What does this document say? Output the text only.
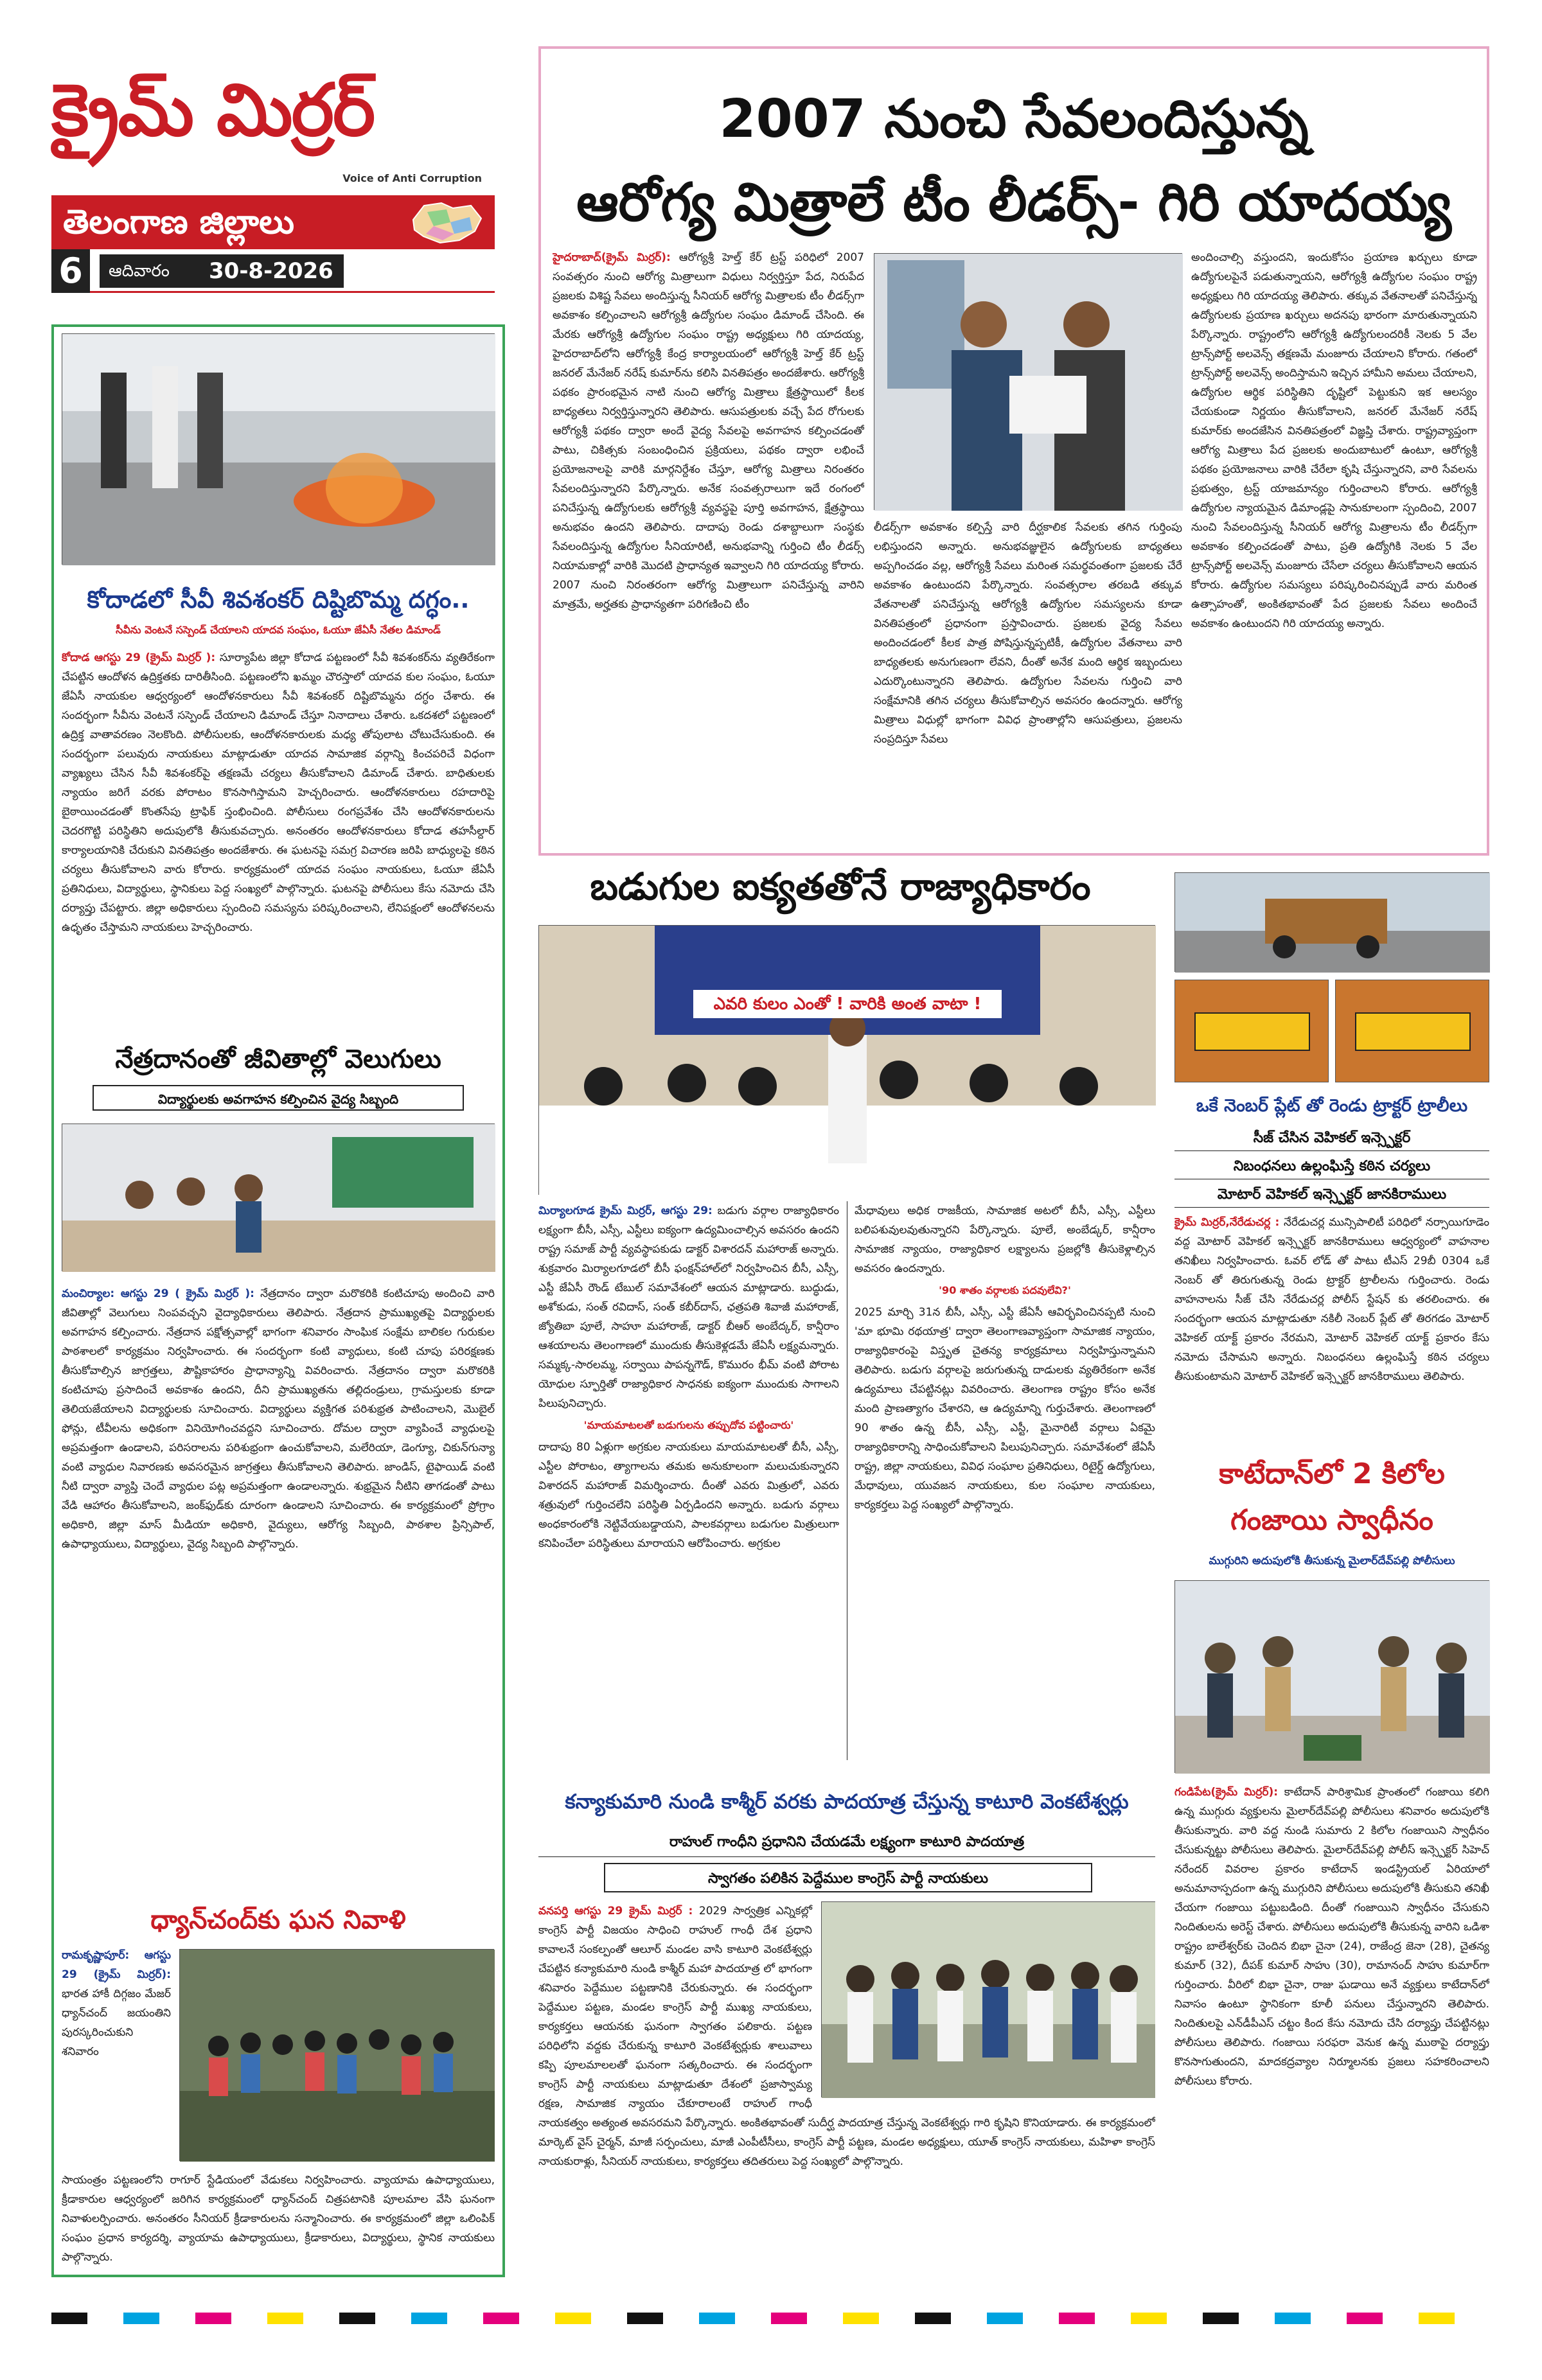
క్రైమ్ మిర్రర్
Voice of Anti Corruption
తెలంగాణ జిల్లాలు
6	ఆదివారం	30-8-2026
2007 నుంచి సేవలందిస్తున్న
ఆరోగ్య మిత్రాలే టీం లీడర్స్- గిరి యాదయ్య
హైదరాబాద్(క్రైమ్ మిర్రర్): ఆరోగ్యశ్రీ హెల్త్ కేర్ ట్రస్ట్ పరిధిలో 2007 సంవత్సరం నుంచి ఆరోగ్య మిత్రాలుగా విధులు నిర్వర్తిస్తూ పేద, నిరుపేద ప్రజలకు విశిష్ట సేవలు అందిస్తున్న సీనియర్ ఆరోగ్య మిత్రాలకు టీం లీడర్స్‌గా అవకాశం కల్పించాలని ఆరోగ్యశ్రీ ఉద్యోగుల సంఘం డిమాండ్ చేసింది. ఈ మేరకు ఆరోగ్యశ్రీ ఉద్యోగుల సంఘం రాష్ట్ర అధ్యక్షులు గిరి యాదయ్య, హైదరాబాద్‌లోని ఆరోగ్యశ్రీ కేంద్ర కార్యాలయంలో ఆరోగ్యశ్రీ హెల్త్ కేర్ ట్రస్ట్ జనరల్ మేనేజర్ నరేష్ కుమార్‌ను కలిసి వినతిపత్రం అందజేశారు. ఆరోగ్యశ్రీ పథకం ప్రారంభమైన నాటి నుంచి ఆరోగ్య మిత్రాలు క్షేత్రస్థాయిలో కీలక బాధ్యతలు నిర్వర్తిస్తున్నారని తెలిపారు. ఆసుపత్రులకు వచ్చే పేద రోగులకు ఆరోగ్యశ్రీ పథకం ద్వారా అందే వైద్య సేవలపై అవగాహన కల్పించడంతో పాటు, చికిత్సకు సంబంధించిన ప్రక్రియలు, పథకం ద్వారా లభించే ప్రయోజనాలపై వారికి మార్గనిర్దేశం చేస్తూ, ఆరోగ్య మిత్రాలు నిరంతరం సేవలందిస్తున్నారని పేర్కొన్నారు. అనేక సంవత్సరాలుగా ఇదే రంగంలో పనిచేస్తున్న ఉద్యోగులకు ఆరోగ్యశ్రీ వ్యవస్థపై పూర్తి అవగాహన, క్షేత్రస్థాయి అనుభవం ఉందని తెలిపారు. దాదాపు రెండు దశాబ్దాలుగా సంస్థకు సేవలందిస్తున్న ఉద్యోగుల సీనియారిటీ, అనుభవాన్ని గుర్తించి టీం లీడర్స్ నియామకాల్లో వారికి మొదటి ప్రాధాన్యత ఇవ్వాలని గిరి యాదయ్య కోరారు. 2007 నుంచి నిరంతరంగా ఆరోగ్య మిత్రాలుగా పనిచేస్తున్న వారిని మాత్రమే, అర్హతకు ప్రాధాన్యతగా పరిగణించి టీం
లీడర్స్‌గా అవకాశం కల్పిస్తే వారి దీర్ఘకాలిక సేవలకు తగిన గుర్తింపు లభిస్తుందని అన్నారు. అనుభవజ్ఞులైన ఉద్యోగులకు బాధ్యతలు అప్పగించడం వల్ల, ఆరోగ్యశ్రీ సేవలు మరింత సమర్థవంతంగా ప్రజలకు చేరే అవకాశం ఉంటుందని పేర్కొన్నారు. సంవత్సరాల తరబడి తక్కువ వేతనాలతో పనిచేస్తున్న ఆరోగ్యశ్రీ ఉద్యోగుల సమస్యలను కూడా వినతిపత్రంలో ప్రధానంగా ప్రస్తావించారు. ప్రజలకు వైద్య సేవలు అందించడంలో కీలక పాత్ర పోషిస్తున్నప్పటికీ, ఉద్యోగుల వేతనాలు వారి బాధ్యతలకు అనుగుణంగా లేవని, దీంతో అనేక మంది ఆర్థిక ఇబ్బందులు ఎదుర్కొంటున్నారని తెలిపారు. ఉద్యోగుల సేవలను గుర్తించి వారి సంక్షేమానికి తగిన చర్యలు తీసుకోవాల్సిన అవసరం ఉందన్నారు. ఆరోగ్య మిత్రాలు విధుల్లో భాగంగా వివిధ ప్రాంతాల్లోని ఆసుపత్రులు, ప్రజలను సంప్రదిస్తూ సేవలు
అందించాల్సి వస్తుందని, ఇందుకోసం ప్రయాణ ఖర్చులు కూడా ఉద్యోగులపైనే పడుతున్నాయని, ఆరోగ్యశ్రీ ఉద్యోగుల సంఘం రాష్ట్ర అధ్యక్షులు గిరి యాదయ్య తెలిపారు. తక్కువ వేతనాలతో పనిచేస్తున్న ఉద్యోగులకు ప్రయాణ ఖర్చులు అదనపు భారంగా మారుతున్నాయని పేర్కొన్నారు. రాష్ట్రంలోని ఆరోగ్యశ్రీ ఉద్యోగులందరికీ నెలకు 5 వేల ట్రాన్స్‌పోర్ట్ అలవెన్స్ తక్షణమే మంజూరు చేయాలని కోరారు. గతంలో ట్రాన్స్‌పోర్ట్ అలవెన్స్ అందిస్తామని ఇచ్చిన హామీని అమలు చేయాలని, ఉద్యోగుల ఆర్థిక పరిస్థితిని దృష్టిలో పెట్టుకుని ఇక ఆలస్యం చేయకుండా నిర్ణయం తీసుకోవాలని, జనరల్ మేనేజర్ నరేష్ కుమార్‌కు అందజేసిన వినతిపత్రంలో విజ్ఞప్తి చేశారు. రాష్ట్రవ్యాప్తంగా ఆరోగ్య మిత్రాలు పేద ప్రజలకు అందుబాటులో ఉంటూ, ఆరోగ్యశ్రీ పథకం ప్రయోజనాలు వారికి చేరేలా కృషి చేస్తున్నారని, వారి సేవలను ప్రభుత్వం, ట్రస్ట్ యాజమాన్యం గుర్తించాలని కోరారు. ఆరోగ్యశ్రీ ఉద్యోగుల న్యాయమైన డిమాండ్లపై సానుకూలంగా స్పందించి, 2007 నుంచి సేవలందిస్తున్న సీనియర్ ఆరోగ్య మిత్రాలను టీం లీడర్స్‌గా అవకాశం కల్పించడంతో పాటు, ప్రతి ఉద్యోగికి నెలకు 5 వేల ట్రాన్స్‌పోర్ట్ అలవెన్స్ మంజూరు చేసేలా చర్యలు తీసుకోవాలని ఆయన కోరారు. ఉద్యోగుల సమస్యలు పరిష్కరించినప్పుడే వారు మరింత ఉత్సాహంతో, అంకితభావంతో పేద ప్రజలకు సేవలు అందించే అవకాశం ఉంటుందని గిరి యాదయ్య అన్నారు.
కోదాడలో సీవీ శివశంకర్ దిష్టిబొమ్మ దగ్ధం..
సీవీను వెంటనే సస్పెండ్ చేయాలని యాదవ సంఘం, ఓయూ జేఏసీ నేతల డిమాండ్
కోదాడ ఆగస్టు 29 (క్రైమ్ మిర్రర్ ): సూర్యాపేట జిల్లా కోదాడ పట్టణంలో సీవీ శివశంకర్‌ను వ్యతిరేకంగా చేపట్టిన ఆందోళన ఉద్రిక్తతకు దారితీసింది. పట్టణంలోని ఖమ్మం చౌరస్తాలో యాదవ కుల సంఘం, ఓయూ జేఏసీ నాయకుల ఆధ్వర్యంలో ఆందోళనకారులు సీవీ శివశంకర్ దిష్టిబొమ్మను దగ్ధం చేశారు. ఈ సందర్భంగా సీవీను వెంటనే సస్పెండ్ చేయాలని డిమాండ్ చేస్తూ నినాదాలు చేశారు. ఒకదశలో పట్టణంలో ఉద్రిక్త వాతావరణం నెలకొంది. పోలీసులకు, ఆందోళనకారులకు మధ్య తోపులాట చోటుచేసుకుంది. ఈ సందర్భంగా పలువురు నాయకులు మాట్లాడుతూ యాదవ సామాజిక వర్గాన్ని కించపరిచే విధంగా వ్యాఖ్యలు చేసిన సీవీ శివశంకర్‌పై తక్షణమే చర్యలు తీసుకోవాలని డిమాండ్ చేశారు. బాధితులకు న్యాయం జరిగే వరకు పోరాటం కొనసాగిస్తామని హెచ్చరించారు. ఆందోళనకారులు రహదారిపై బైఠాయించడంతో కొంతసేపు ట్రాఫిక్ స్తంభించింది. పోలీసులు రంగప్రవేశం చేసి ఆందోళనకారులను చెదరగొట్టి పరిస్థితిని అదుపులోకి తీసుకువచ్చారు. అనంతరం ఆందోళనకారులు కోదాడ తహసీల్దార్ కార్యాలయానికి చేరుకుని వినతిపత్రం అందజేశారు. ఈ ఘటనపై సమగ్ర విచారణ జరిపి బాధ్యులపై కఠిన చర్యలు తీసుకోవాలని వారు కోరారు. కార్యక్రమంలో యాదవ సంఘం నాయకులు, ఓయూ జేఏసీ ప్రతినిధులు, విద్యార్థులు, స్థానికులు పెద్ద సంఖ్యలో పాల్గొన్నారు. ఘటనపై పోలీసులు కేసు నమోదు చేసి దర్యాప్తు చేపట్టారు. జిల్లా అధికారులు స్పందించి సమస్యను పరిష్కరించాలని, లేనిపక్షంలో ఆందోళనలను ఉధృతం చేస్తామని నాయకులు హెచ్చరించారు.
నేత్రదానంతో జీవితాల్లో వెలుగులు
విద్యార్థులకు అవగాహన కల్పించిన వైద్య సిబ్బంది
మంచిర్యాల: ఆగస్టు 29 ( క్రైమ్ మిర్రర్ ): నేత్రదానం ద్వారా మరొకరికి కంటిచూపు అందించి వారి జీవితాల్లో వెలుగులు నింపవచ్చని వైద్యాధికారులు తెలిపారు. నేత్రదాన ప్రాముఖ్యతపై విద్యార్థులకు అవగాహన కల్పించారు. నేత్రదాన పక్షోత్సవాల్లో భాగంగా శనివారం సాంఘిక సంక్షేమ బాలికల గురుకుల పాఠశాలలో కార్యక్రమం నిర్వహించారు. ఈ సందర్భంగా కంటి వ్యాధులు, కంటి చూపు పరిరక్షణకు తీసుకోవాల్సిన జాగ్రత్తలు, పౌష్టికాహారం ప్రాధాన్యాన్ని వివరించారు. నేత్రదానం ద్వారా మరొకరికి కంటిచూపు ప్రసాదించే అవకాశం ఉందని, దీని ప్రాముఖ్యతను తల్లిదండ్రులు, గ్రామస్తులకు కూడా తెలియజేయాలని విద్యార్థులకు సూచించారు. విద్యార్థులు వ్యక్తిగత పరిశుభ్రత పాటించాలని, మొబైల్ ఫోన్లు, టీవీలను అధికంగా వినియోగించవద్దని సూచించారు. దోమల ద్వారా వ్యాపించే వ్యాధులపై అప్రమత్తంగా ఉండాలని, పరిసరాలను పరిశుభ్రంగా ఉంచుకోవాలని, మలేరియా, డెంగ్యూ, చికున్‌గున్యా వంటి వ్యాధుల నివారణకు అవసరమైన జాగ్రత్తలు తీసుకోవాలని తెలిపారు. జాండిస్, టైఫాయిడ్ వంటి నీటి ద్వారా వ్యాప్తి చెందే వ్యాధుల పట్ల అప్రమత్తంగా ఉండాలన్నారు. శుభ్రమైన నీటిని తాగడంతో పాటు వేడి ఆహారం తీసుకోవాలని, జంక్‌ఫుడ్‌కు దూరంగా ఉండాలని సూచించారు. ఈ కార్యక్రమంలో ప్రోగ్రాం అధికారి, జిల్లా మాస్ మీడియా అధికారి, వైద్యులు, ఆరోగ్య సిబ్బంది, పాఠశాల ప్రిన్సిపాల్, ఉపాధ్యాయులు, విద్యార్థులు, వైద్య సిబ్బంది పాల్గొన్నారు.
ధ్యాన్‌చంద్‌కు ఘన నివాళి
రామకృష్ణాపూర్: ఆగస్టు 29 (క్రైమ్ మిర్రర్): భారత హాకీ దిగ్గజం మేజర్ ధ్యాన్‌చంద్ జయంతిని పురస్కరించుకుని శనివారం
సాయంత్రం పట్టణంలోని రాగూర్ స్టేడియంలో వేడుకలు నిర్వహించారు. వ్యాయామ ఉపాధ్యాయులు, క్రీడాకారుల ఆధ్వర్యంలో జరిగిన కార్యక్రమంలో ధ్యాన్‌చంద్ చిత్రపటానికి పూలమాల వేసి ఘనంగా నివాళులర్పించారు. అనంతరం సీనియర్ క్రీడాకారులను సన్మానించారు. ఈ కార్యక్రమంలో జిల్లా ఒలింపిక్ సంఘం ప్రధాన కార్యదర్శి, వ్యాయామ ఉపాధ్యాయులు, క్రీడాకారులు, విద్యార్థులు, స్థానిక నాయకులు పాల్గొన్నారు.
బడుగుల ఐక్యతతోనే రాజ్యాధికారం
ఎవరి కులం ఎంతో ! వారికి అంత వాటా !
మిర్యాలగూడ క్రైమ్ మిర్రర్, ఆగస్టు 29: బడుగు వర్గాల రాజ్యాధికారం లక్ష్యంగా బీసీ, ఎస్సీ, ఎస్టీలు ఐక్యంగా ఉద్యమించాల్సిన అవసరం ఉందని రాష్ట్ర సమాజ్ పార్టీ వ్యవస్థాపకుడు డాక్టర్ విశారదన్ మహారాజ్ అన్నారు. శుక్రవారం మిర్యాలగూడలో బీసీ ఫంక్షన్‌హాల్‌లో నిర్వహించిన బీసీ, ఎస్సీ, ఎస్టీ జేఏసీ రౌండ్ టేబుల్ సమావేశంలో ఆయన మాట్లాడారు. బుద్ధుడు, అశోకుడు, సంత్ రవిదాస్, సంత్ కబీర్‌దాస్, ఛత్రపతి శివాజీ మహారాజ్, జ్యోతిబా పూలే, సాహూ మహారాజ్, డాక్టర్ బీఆర్ అంబేద్కర్, కాన్షీరాం ఆశయాలను తెలంగాణలో ముందుకు తీసుకెళ్లడమే జేఏసీ లక్ష్యమన్నారు. సమ్మక్క-సారలమ్మ, సర్వాయి పాపన్నగౌడ్, కొమురం భీమ్ వంటి పోరాట యోధుల స్ఫూర్తితో రాజ్యాధికార సాధనకు ఐక్యంగా ముందుకు సాగాలని పిలుపునిచ్చారు.
'మాయమాటలతో బడుగులను తప్పుదోవ పట్టించారు'
దాదాపు 80 ఏళ్లుగా అగ్రకుల నాయకులు మాయమాటలతో బీసీ, ఎస్సీ, ఎస్టీల పోరాటం, త్యాగాలను తమకు అనుకూలంగా మలుచుకున్నారని విశారదన్ మహారాజ్ విమర్శించారు. దీంతో ఎవరు మిత్రులో, ఎవరు శత్రువులో గుర్తించలేని పరిస్థితి ఏర్పడిందని అన్నారు. బడుగు వర్గాలు అంధకారంలోకి నెట్టివేయబడ్డాయని, పాలకవర్గాలు బడుగుల మిత్రులుగా కనిపించేలా పరిస్థితులు మారాయని ఆరోపించారు. అగ్రకుల
మేధావులు అధిక రాజకీయ, సామాజిక అటలో బీసీ, ఎస్సీ, ఎస్టీలు బలిపశువులవుతున్నారని పేర్కొన్నారు. పూలే, అంబేడ్కర్, కాన్షీరాం సామాజిక న్యాయం, రాజ్యాధికార లక్ష్యాలను ప్రజల్లోకి తీసుకెళ్లాల్సిన అవసరం ఉందన్నారు.
'90 శాతం వర్గాలకు పదవులేవి?'
2025 మార్చి 31న బీసీ, ఎస్సీ, ఎస్టీ జేఏసీ ఆవిర్భవించినప్పటి నుంచి 'మా భూమి రథయాత్ర' ద్వారా తెలంగాణవ్యాప్తంగా సామాజిక న్యాయం, రాజ్యాధికారంపై విస్తృత చైతన్య కార్యక్రమాలు నిర్వహిస్తున్నామని తెలిపారు. బడుగు వర్గాలపై జరుగుతున్న దాడులకు వ్యతిరేకంగా అనేక ఉద్యమాలు చేపట్టినట్లు వివరించారు. తెలంగాణ రాష్ట్రం కోసం అనేక మంది ప్రాణత్యాగం చేశారని, ఆ ఉద్యమాన్ని గుర్తుచేశారు. తెలంగాణలో 90 శాతం ఉన్న బీసీ, ఎస్సీ, ఎస్టీ, మైనారిటీ వర్గాలు ఏకమై రాజ్యాధికారాన్ని సాధించుకోవాలని పిలుపునిచ్చారు. సమావేశంలో జేఏసీ రాష్ట్ర, జిల్లా నాయకులు, వివిధ సంఘాల ప్రతినిధులు, రిటైర్డ్ ఉద్యోగులు, మేధావులు, యువజన నాయకులు, కుల సంఘాల నాయకులు, కార్యకర్తలు పెద్ద సంఖ్యలో పాల్గొన్నారు.
ఒకే నెంబర్ ప్లేట్ తో రెండు ట్రాక్టర్ ట్రాలీలు
సీజ్ చేసిన వెహికల్ ఇన్స్పెక్టర్
నిబంధనలు ఉల్లంఘిస్తే కఠిన చర్యలు
మోటార్ వెహికల్ ఇన్స్పెక్టర్ జానకిరాములు
క్రైమ్ మిర్రర్,నేరేడుచర్ల : నేరేడుచర్ల మున్సిపాలిటీ పరిధిలో నర్సాయిగూడెం వద్ద మోటార్ వెహికల్ ఇన్స్పెక్టర్ జానకిరాములు ఆధ్వర్యంలో వాహనాల తనిఖీలు నిర్వహించారు. ఓవర్ లోడ్ తో పాటు టీఎస్ 29బీ 0304 ఒకే నెంబర్ తో తిరుగుతున్న రెండు ట్రాక్టర్ ట్రాలీలను గుర్తించారు. రెండు వాహనాలను సీజ్ చేసి నేరేడుచర్ల పోలీస్ స్టేషన్ కు తరలించారు. ఈ సందర్భంగా ఆయన మాట్లాడుతూ నకిలీ నెంబర్ ప్లేట్ తో తిరగడం మోటార్ వెహికల్ యాక్ట్ ప్రకారం నేరమని, మోటార్ వెహికల్ యాక్ట్ ప్రకారం కేసు నమోదు చేసామని అన్నారు. నిబంధనలు ఉల్లంఘిస్తే కఠిన చర్యలు తీసుకుంటామని మోటార్ వెహికల్ ఇన్స్పెక్టర్ జానకిరాములు తెలిపారు.
కాటేదాన్‌లో 2 కిలోల
గంజాయి స్వాధీనం
ముగ్గురిని అదుపులోకి తీసుకున్న మైలార్‌దేవ్‌పల్లి పోలీసులు
గండిపేట(క్రైమ్ మిర్రర్): కాటేదాన్ పారిశ్రామిక ప్రాంతంలో గంజాయి కలిగి ఉన్న ముగ్గురు వ్యక్తులను మైలార్‌దేవ్‌పల్లి పోలీసులు శనివారం అదుపులోకి తీసుకున్నారు. వారి వద్ద నుండి సుమారు 2 కిలోల గంజాయిని స్వాధీనం చేసుకున్నట్టు పోలీసులు తెలిపారు. మైలార్‌దేవ్‌పల్లి పోలీస్ ఇన్స్పెక్టర్ సిహెచ్ నరేందర్ వివరాల ప్రకారం కాటేదాన్ ఇండస్ట్రియల్ ఏరియాలో అనుమానాస్పదంగా ఉన్న ముగ్గురిని పోలీసులు అదుపులోకి తీసుకుని తనిఖీ చేయగా గంజాయి పట్టుబడింది. దీంతో గంజాయిని స్వాధీనం చేసుకుని నిందితులను అరెస్ట్ చేశారు. పోలీసులు అదుపులోకి తీసుకున్న వారిని ఒడిశా రాష్ట్రం బాలేశ్వర్‌కు చెందిన బిభా చైనా (24), రాజేంద్ర జెనా (28), చైతన్య కుమార్ (32), దీపక్ కుమార్ సాహు (30), రామానంద్ సాహు కుమార్‌గా గుర్తించారు. వీరిలో బిభా చైనా, రాజు ఘడాయి అనే వ్యక్తులు కాటేదాన్‌లో నివాసం ఉంటూ స్థానికంగా కూలీ పనులు చేస్తున్నారని తెలిపారు. నిందితులపై ఎన్‌డీపీఎస్ చట్టం కింద కేసు నమోదు చేసి దర్యాప్తు చేపట్టినట్లు పోలీసులు తెలిపారు. గంజాయి సరఫరా వెనుక ఉన్న ముఠాపై దర్యాప్తు కొనసాగుతుందని, మాదకద్రవ్యాల నిర్మూలనకు ప్రజలు సహకరించాలని పోలీసులు కోరారు.
కన్యాకుమారి నుండి కాశ్మీర్ వరకు పాదయాత్ర చేస్తున్న కాటూరి వెంకటేశ్వర్లు
రాహుల్ గాంధీని ప్రధానిని చేయడమే లక్ష్యంగా కాటూరి పాదయాత్ర
స్వాగతం పలికిన పెద్దేముల కాంగ్రెస్ పార్టీ నాయకులు
వనపర్తి ఆగస్టు 29 క్రైమ్ మిర్రర్ : 2029 సార్వత్రిక ఎన్నికల్లో కాంగ్రెస్ పార్టీ విజయం సాధించి రాహుల్ గాంధీ దేశ ప్రధాని కావాలనే సంకల్పంతో ఆలూర్ మండల వాసి కాటూరి వెంకటేశ్వర్లు చేపట్టిన కన్యాకుమారి నుండి కాశ్మీర్ మహా పాదయాత్ర లో భాగంగా శనివారం పెద్దేముల పట్టణానికి చేరుకున్నారు. ఈ సందర్భంగా పెద్దేముల పట్టణ, మండల కాంగ్రెస్ పార్టీ ముఖ్య నాయకులు, కార్యకర్తలు ఆయనకు ఘనంగా స్వాగతం పలికారు. పట్టణ పరిధిలోని వద్దకు చేరుకున్న కాటూరి వెంకటేశ్వర్లుకు శాలువాలు కప్పి పూలమాలలతో ఘనంగా సత్కరించారు. ఈ సందర్భంగా కాంగ్రెస్ పార్టీ నాయకులు మాట్లాడుతూ దేశంలో ప్రజాస్వామ్య రక్షణ, సామాజిక న్యాయం చేకూరాలంటే రాహుల్ గాంధీ నాయకత్వం అత్యంత అవసరమని పేర్కొన్నారు. అంకితభావంతో సుదీర్ఘ పాదయాత్ర చేస్తున్న వెంకటేశ్వర్లు గారి కృషిని కొనియాడారు. ఈ కార్యక్రమంలో మార్కెట్ వైస్ చైర్మన్, మాజీ సర్పంచులు, మాజీ ఎంపీటీసీలు, కాంగ్రెస్ పార్టీ పట్టణ, మండల అధ్యక్షులు, యూత్ కాంగ్రెస్ నాయకులు, మహిళా కాంగ్రెస్ నాయకురాళ్లు, సీనియర్ నాయకులు, కార్యకర్తలు తదితరులు పెద్ద సంఖ్యలో పాల్గొన్నారు.
